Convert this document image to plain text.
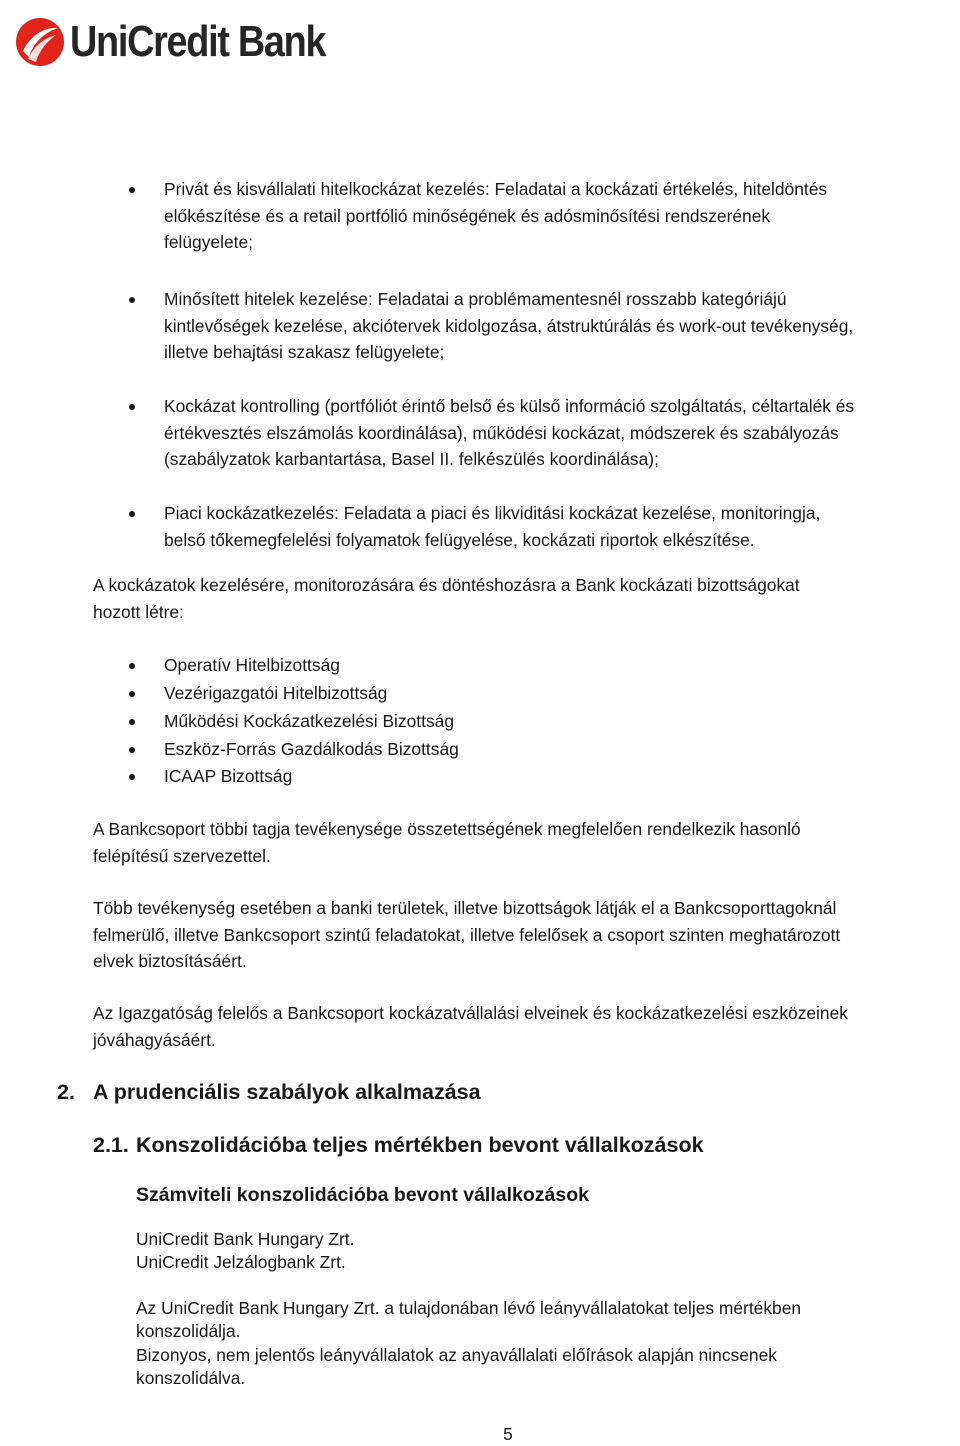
UniCredit Bank
Privát és kisvállalati hitelkockázat kezelés: Feladatai a kockázati értékelés, hiteldöntés
előkészítése és a retail portfólió minőségének és adósminősítési rendszerének
felügyelete;
Minősített hitelek kezelése: Feladatai a problémamentesnél rosszabb kategóriájú
kintlevőségek kezelése, akciótervek kidolgozása, átstruktúrálás és work-out tevékenység,
illetve behajtási szakasz felügyelete;
Kockázat kontrolling (portfóliót érintő belső és külső információ szolgáltatás, céltartalék és
értékvesztés elszámolás koordinálása), működési kockázat, módszerek és szabályozás
(szabályzatok karbantartása, Basel II. felkészülés koordinálása);
Piaci kockázatkezelés: Feladata a piaci és likviditási kockázat kezelése, monitoringja,
belső tőkemegfelelési folyamatok felügyelése, kockázati riportok elkészítése.
A kockázatok kezelésére, monitorozására és döntéshozásra a Bank kockázati bizottságokat
hozott létre:
Operatív Hitelbizottság
Vezérigazgatói Hitelbizottság
Működési Kockázatkezelési Bizottság
Eszköz-Forrás Gazdálkodás Bizottság
ICAAP Bizottság
A Bankcsoport többi tagja tevékenysége összetettségének megfelelően rendelkezik hasonló
felépítésű szervezettel.
Több tevékenység esetében a banki területek, illetve bizottságok látják el a Bankcsoporttagoknál
felmerülő, illetve Bankcsoport szintű feladatokat, illetve felelősek a csoport szinten meghatározott
elvek biztosításáért.
Az Igazgatóság felelős a Bankcsoport kockázatvállalási elveinek és kockázatkezelési eszközeinek
jóváhagyásáért.
2. A prudenciális szabályok alkalmazása
2.1. Konszolidációba teljes mértékben bevont vállalkozások
Számviteli konszolidációba bevont vállalkozások
UniCredit Bank Hungary Zrt.
UniCredit Jelzálogbank Zrt.
Az UniCredit Bank Hungary Zrt. a tulajdonában lévő leányvállalatokat teljes mértékben
konszolidálja.
Bizonyos, nem jelentős leányvállalatok az anyavállalati előírások alapján nincsenek
konszolidálva.
5
